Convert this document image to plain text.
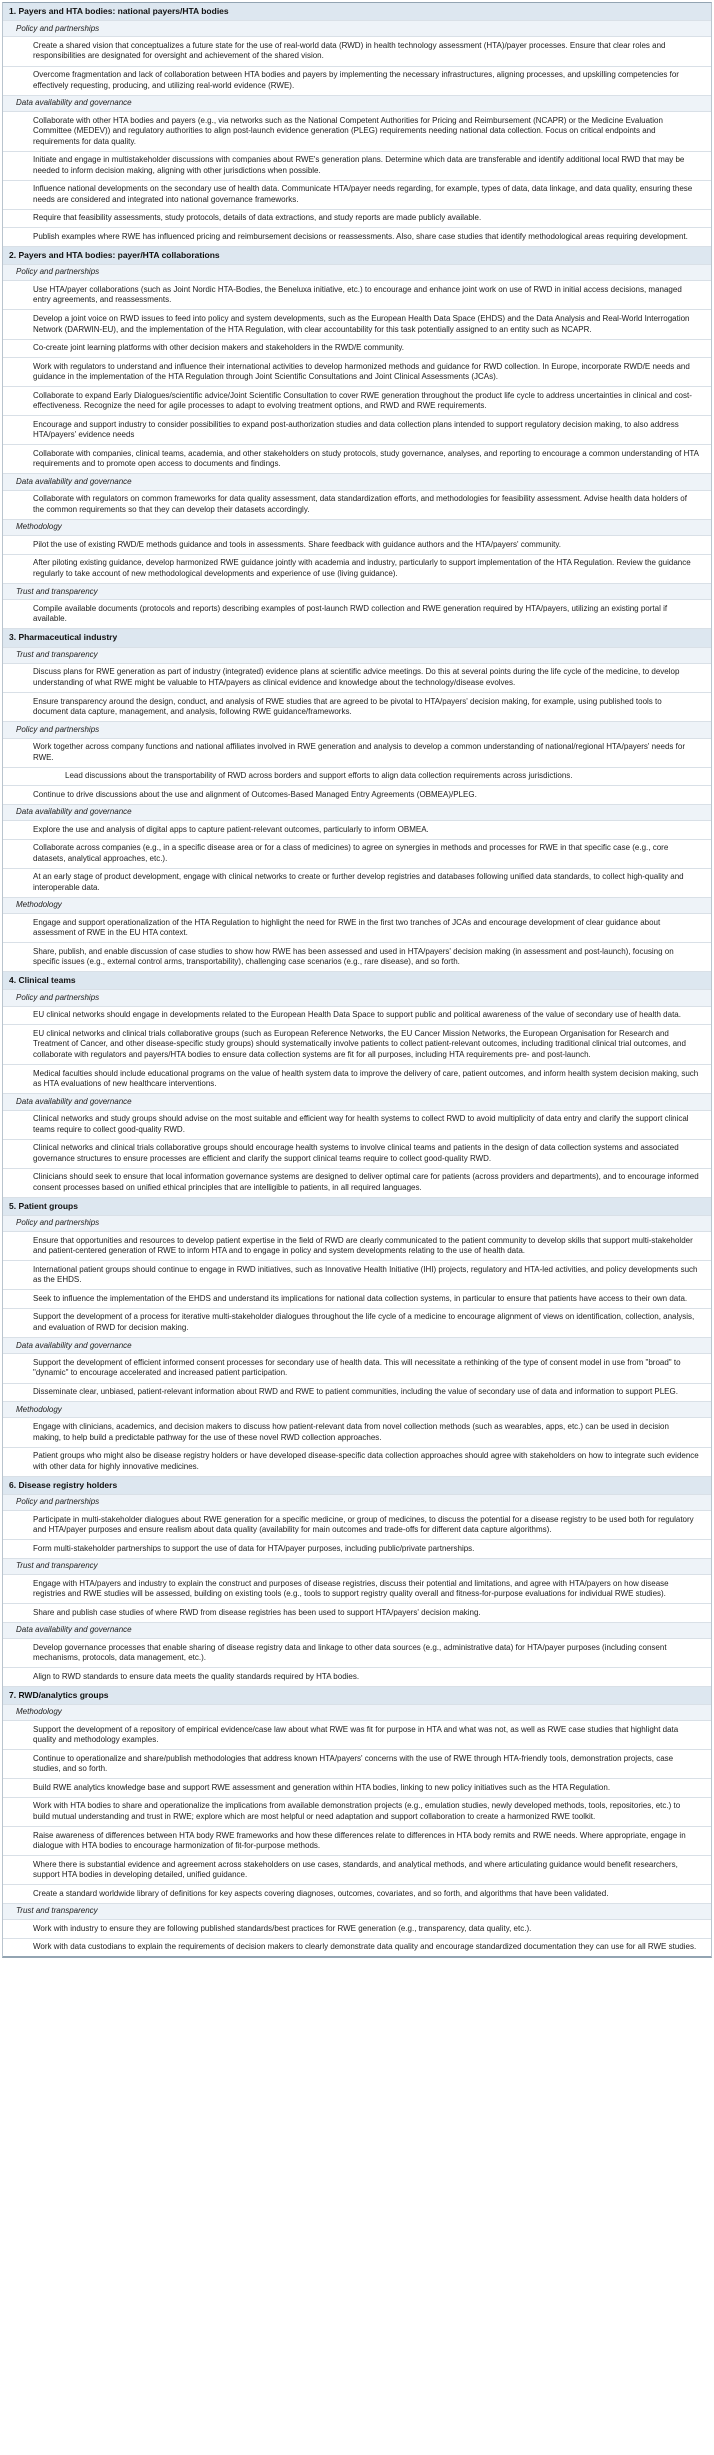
1. Payers and HTA bodies: national payers/HTA bodies
Policy and partnerships
Create a shared vision that conceptualizes a future state for the use of real-world data (RWD) in health technology assessment (HTA)/payer processes. Ensure that clear roles and responsibilities are designated for oversight and achievement of the shared vision.
Overcome fragmentation and lack of collaboration between HTA bodies and payers by implementing the necessary infrastructures, aligning processes, and upskilling competencies for effectively requesting, producing, and utilizing real-world evidence (RWE).
Data availability and governance
Collaborate with other HTA bodies and payers (e.g., via networks such as the National Competent Authorities for Pricing and Reimbursement (NCAPR) or the Medicine Evaluation Committee (MEDEV)) and regulatory authorities to align post-launch evidence generation (PLEG) requirements needing national data collection. Focus on critical endpoints and requirements for data quality.
Initiate and engage in multistakeholder discussions with companies about RWE's generation plans. Determine which data are transferable and identify additional local RWD that may be needed to inform decision making, aligning with other jurisdictions when possible.
Influence national developments on the secondary use of health data. Communicate HTA/payer needs regarding, for example, types of data, data linkage, and data quality, ensuring these needs are considered and integrated into national governance frameworks.
Require that feasibility assessments, study protocols, details of data extractions, and study reports are made publicly available.
Publish examples where RWE has influenced pricing and reimbursement decisions or reassessments. Also, share case studies that identify methodological areas requiring development.
2. Payers and HTA bodies: payer/HTA collaborations
Policy and partnerships
Use HTA/payer collaborations (such as Joint Nordic HTA-Bodies, the Beneluxa initiative, etc.) to encourage and enhance joint work on use of RWD in initial access decisions, managed entry agreements, and reassessments.
Develop a joint voice on RWD issues to feed into policy and system developments, such as the European Health Data Space (EHDS) and the Data Analysis and Real-World Interrogation Network (DARWIN-EU), and the implementation of the HTA Regulation, with clear accountability for this task potentially assigned to an entity such as NCAPR.
Co-create joint learning platforms with other decision makers and stakeholders in the RWD/E community.
Work with regulators to understand and influence their international activities to develop harmonized methods and guidance for RWD collection. In Europe, incorporate RWD/E needs and guidance in the implementation of the HTA Regulation through Joint Scientific Consultations and Joint Clinical Assessments (JCAs).
Collaborate to expand Early Dialogues/scientific advice/Joint Scientific Consultation to cover RWE generation throughout the product life cycle to address uncertainties in clinical and cost-effectiveness. Recognize the need for agile processes to adapt to evolving treatment options, and RWD and RWE requirements.
Encourage and support industry to consider possibilities to expand post-authorization studies and data collection plans intended to support regulatory decision making, to also address HTA/payers' evidence needs
Collaborate with companies, clinical teams, academia, and other stakeholders on study protocols, study governance, analyses, and reporting to encourage a common understanding of HTA requirements and to promote open access to documents and findings.
Data availability and governance
Collaborate with regulators on common frameworks for data quality assessment, data standardization efforts, and methodologies for feasibility assessment. Advise health data holders of the common requirements so that they can develop their datasets accordingly.
Methodology
Pilot the use of existing RWD/E methods guidance and tools in assessments. Share feedback with guidance authors and the HTA/payers' community.
After piloting existing guidance, develop harmonized RWE guidance jointly with academia and industry, particularly to support implementation of the HTA Regulation. Review the guidance regularly to take account of new methodological developments and experience of use (living guidance).
Trust and transparency
Compile available documents (protocols and reports) describing examples of post-launch RWD collection and RWE generation required by HTA/payers, utilizing an existing portal if available.
3. Pharmaceutical industry
Trust and transparency
Discuss plans for RWE generation as part of industry (integrated) evidence plans at scientific advice meetings. Do this at several points during the life cycle of the medicine, to develop understanding of what RWE might be valuable to HTA/payers as clinical evidence and knowledge about the technology/disease evolves.
Ensure transparency around the design, conduct, and analysis of RWE studies that are agreed to be pivotal to HTA/payers' decision making, for example, using published tools to document data capture, management, and analysis, following RWE guidance/frameworks.
Policy and partnerships
Work together across company functions and national affiliates involved in RWE generation and analysis to develop a common understanding of national/regional HTA/payers' needs for RWE.
Lead discussions about the transportability of RWD across borders and support efforts to align data collection requirements across jurisdictions.
Continue to drive discussions about the use and alignment of Outcomes-Based Managed Entry Agreements (OBMEA)/PLEG.
Data availability and governance
Explore the use and analysis of digital apps to capture patient-relevant outcomes, particularly to inform OBMEA.
Collaborate across companies (e.g., in a specific disease area or for a class of medicines) to agree on synergies in methods and processes for RWE in that specific case (e.g., core datasets, analytical approaches, etc.).
At an early stage of product development, engage with clinical networks to create or further develop registries and databases following unified data standards, to collect high-quality and interoperable data.
Methodology
Engage and support operationalization of the HTA Regulation to highlight the need for RWE in the first two tranches of JCAs and encourage development of clear guidance about assessment of RWE in the EU HTA context.
Share, publish, and enable discussion of case studies to show how RWE has been assessed and used in HTA/payers' decision making (in assessment and post-launch), focusing on specific issues (e.g., external control arms, transportability), challenging case scenarios (e.g., rare disease), and so forth.
4. Clinical teams
Policy and partnerships
EU clinical networks should engage in developments related to the European Health Data Space to support public and political awareness of the value of secondary use of health data.
EU clinical networks and clinical trials collaborative groups (such as European Reference Networks, the EU Cancer Mission Networks, the European Organisation for Research and Treatment of Cancer, and other disease-specific study groups) should systematically involve patients to collect patient-relevant outcomes, including traditional clinical trial outcomes, and collaborate with regulators and payers/HTA bodies to ensure data collection systems are fit for all purposes, including HTA requirements pre- and post-launch.
Medical faculties should include educational programs on the value of health system data to improve the delivery of care, patient outcomes, and inform health system decision making, such as HTA evaluations of new healthcare interventions.
Data availability and governance
Clinical networks and study groups should advise on the most suitable and efficient way for health systems to collect RWD to avoid multiplicity of data entry and clarify the support clinical teams require to collect good-quality RWD.
Clinical networks and clinical trials collaborative groups should encourage health systems to involve clinical teams and patients in the design of data collection systems and associated governance structures to ensure processes are efficient and clarify the support clinical teams require to collect good-quality RWD.
Clinicians should seek to ensure that local information governance systems are designed to deliver optimal care for patients (across providers and departments), and to encourage informed consent processes based on unified ethical principles that are intelligible to patients, in all required languages.
5. Patient groups
Policy and partnerships
Ensure that opportunities and resources to develop patient expertise in the field of RWD are clearly communicated to the patient community to develop skills that support multi-stakeholder and patient-centered generation of RWE to inform HTA and to engage in policy and system developments relating to the use of health data.
International patient groups should continue to engage in RWD initiatives, such as Innovative Health Initiative (IHI) projects, regulatory and HTA-led activities, and policy developments such as the EHDS.
Seek to influence the implementation of the EHDS and understand its implications for national data collection systems, in particular to ensure that patients have access to their own data.
Support the development of a process for iterative multi-stakeholder dialogues throughout the life cycle of a medicine to encourage alignment of views on identification, collection, analysis, and evaluation of RWD for decision making.
Data availability and governance
Support the development of efficient informed consent processes for secondary use of health data. This will necessitate a rethinking of the type of consent model in use from "broad" to "dynamic" to encourage accelerated and increased patient participation.
Disseminate clear, unbiased, patient-relevant information about RWD and RWE to patient communities, including the value of secondary use of data and information to support PLEG.
Methodology
Engage with clinicians, academics, and decision makers to discuss how patient-relevant data from novel collection methods (such as wearables, apps, etc.) can be used in decision making, to help build a predictable pathway for the use of these novel RWD collection approaches.
Patient groups who might also be disease registry holders or have developed disease-specific data collection approaches should agree with stakeholders on how to integrate such evidence with other data for highly innovative medicines.
6. Disease registry holders
Policy and partnerships
Participate in multi-stakeholder dialogues about RWE generation for a specific medicine, or group of medicines, to discuss the potential for a disease registry to be used both for regulatory and HTA/payer purposes and ensure realism about data quality (availability for main outcomes and trade-offs for different data capture algorithms).
Form multi-stakeholder partnerships to support the use of data for HTA/payer purposes, including public/private partnerships.
Trust and transparency
Engage with HTA/payers and industry to explain the construct and purposes of disease registries, discuss their potential and limitations, and agree with HTA/payers on how disease registries and RWE studies will be assessed, building on existing tools (e.g., tools to support registry quality overall and fitness-for-purpose evaluations for individual RWE studies).
Share and publish case studies of where RWD from disease registries has been used to support HTA/payers' decision making.
Data availability and governance
Develop governance processes that enable sharing of disease registry data and linkage to other data sources (e.g., administrative data) for HTA/payer purposes (including consent mechanisms, protocols, data management, etc.).
Align to RWD standards to ensure data meets the quality standards required by HTA bodies.
7. RWD/analytics groups
Methodology
Support the development of a repository of empirical evidence/case law about what RWE was fit for purpose in HTA and what was not, as well as RWE case studies that highlight data quality and methodology examples.
Continue to operationalize and share/publish methodologies that address known HTA/payers' concerns with the use of RWE through HTA-friendly tools, demonstration projects, case studies, and so forth.
Build RWE analytics knowledge base and support RWE assessment and generation within HTA bodies, linking to new policy initiatives such as the HTA Regulation.
Work with HTA bodies to share and operationalize the implications from available demonstration projects (e.g., emulation studies, newly developed methods, tools, repositories, etc.) to build mutual understanding and trust in RWE; explore which are most helpful or need adaptation and support collaboration to create a harmonized RWE toolkit.
Raise awareness of differences between HTA body RWE frameworks and how these differences relate to differences in HTA body remits and RWE needs. Where appropriate, engage in dialogue with HTA bodies to encourage harmonization of fit-for-purpose methods.
Where there is substantial evidence and agreement across stakeholders on use cases, standards, and analytical methods, and where articulating guidance would benefit researchers, support HTA bodies in developing detailed, unified guidance.
Create a standard worldwide library of definitions for key aspects covering diagnoses, outcomes, covariates, and so forth, and algorithms that have been validated.
Trust and transparency
Work with industry to ensure they are following published standards/best practices for RWE generation (e.g., transparency, data quality, etc.).
Work with data custodians to explain the requirements of decision makers to clearly demonstrate data quality and encourage standardized documentation they can use for all RWE studies.
